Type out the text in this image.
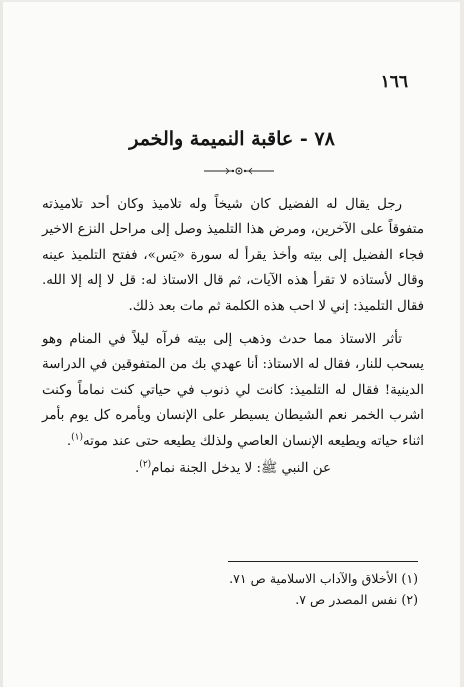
١٦٦
٧٨ - عاقبة النميمة والخمر

رجل يقال له الفضيل كان شيخاً وله تلاميذ وكان أحد تلاميذته متفوقاً على الآخرين، ومرض هذا التلميذ وصل إلى مراحل النزع الاخير فجاء الفضيل إلى بيته وأخذ يقرأ له سورة «يَس»، ففتح التلميذ عينه وقال لأستاذه لا تقرأ هذه الآيات، ثم قال الاستاذ له: قل لا إله إلا الله. فقال التلميذ: إني لا احب هذه الكلمة ثم مات بعد ذلك.

تأثر الاستاذ مما حدث وذهب إلى بيته فرآه ليلاً في المنام وهو يسحب للنار، فقال له الاستاذ: أنا عهدي بك من المتفوقين في الدراسة الدينية! فقال له التلميذ: كانت لي ذنوب في حياتي كنت نماماً وكنت اشرب الخمر نعم الشيطان يسيطر على الإنسان ويأمره كل يوم بأمر اثناء حياته ويطيعه الإنسان العاصي ولذلك يطيعه حتى عند موته$^{(١)}$.

عن النبي ﷺ: لا يدخل الجنة نمام$^{(٢)}$.

(١) الأخلاق والآداب الاسلامية ص ٧١.
(٢) نفس المصدر ص ٧.
